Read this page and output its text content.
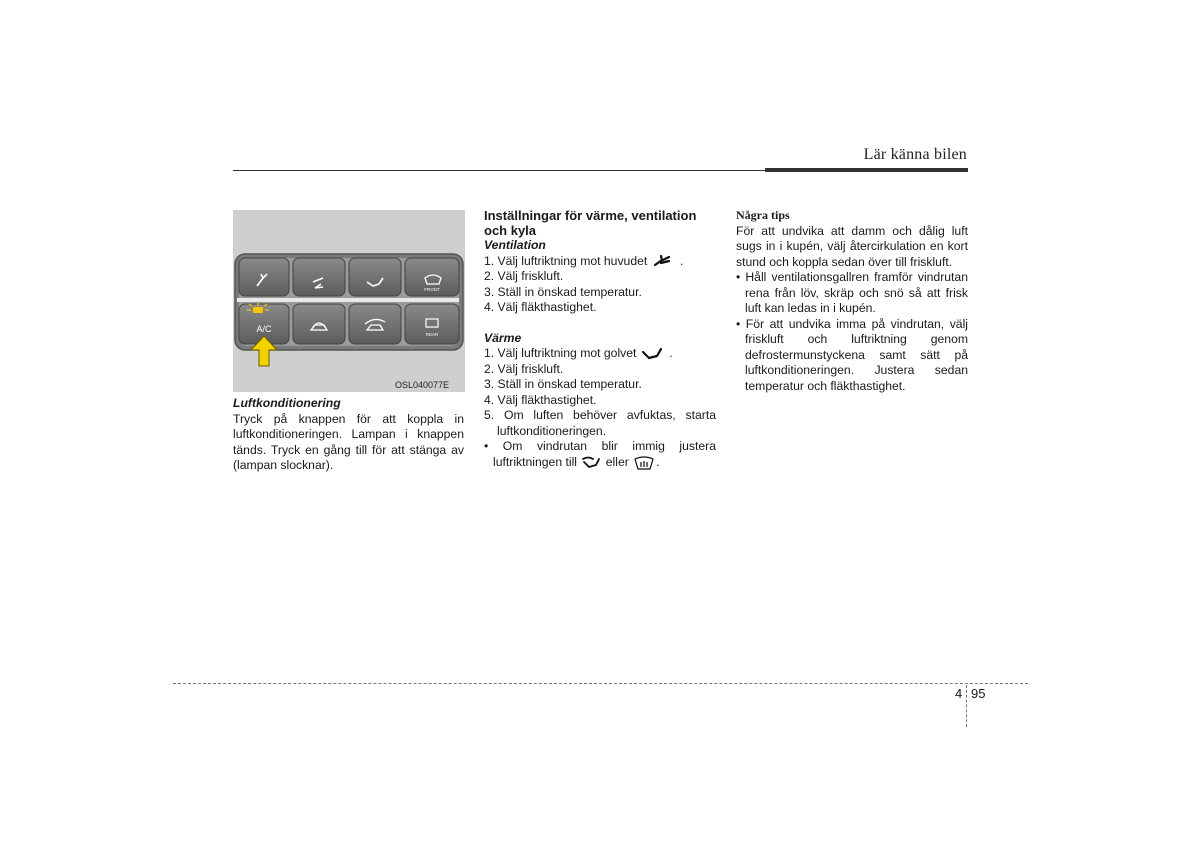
Lär känna bilen
FRONT
A/C
REAR
OSL040077E

Luftkonditionering

Tryck på knappen för att koppla in luftkonditioneringen. Lampan i knappen tänds. Tryck en gång till för att stänga av (lampan slocknar).

Inställningar för värme, ventilation och kyla

Ventilation

1. Välj luftriktning mot huvudet	.

2. Välj friskluft.

3. Ställ in önskad temperatur.

4. Välj fläkthastighet.

Värme

1. Välj luftriktning mot golvet	.

2. Välj friskluft.

3. Ställ in önskad temperatur.

4. Välj fläkthastighet.

5. Om luften behöver avfuktas, starta luftkonditioneringen.

• Om vindrutan blir immig justera luftriktningen till eller .

Några tips

För att undvika att damm och dålig luft sugs in i kupén, välj återcirkulation en kort stund och koppla sedan över till friskluft.

• Håll ventilationsgallren framför vindrutan rena från löv, skräp och snö så att frisk luft kan ledas in i kupén.

• För att undvika imma på vindrutan, välj friskluft och luftriktning genom defrostermunstyckena samt sätt på luftkonditioneringen. Justera sedan temperatur och fläkthastighet.

4 95
